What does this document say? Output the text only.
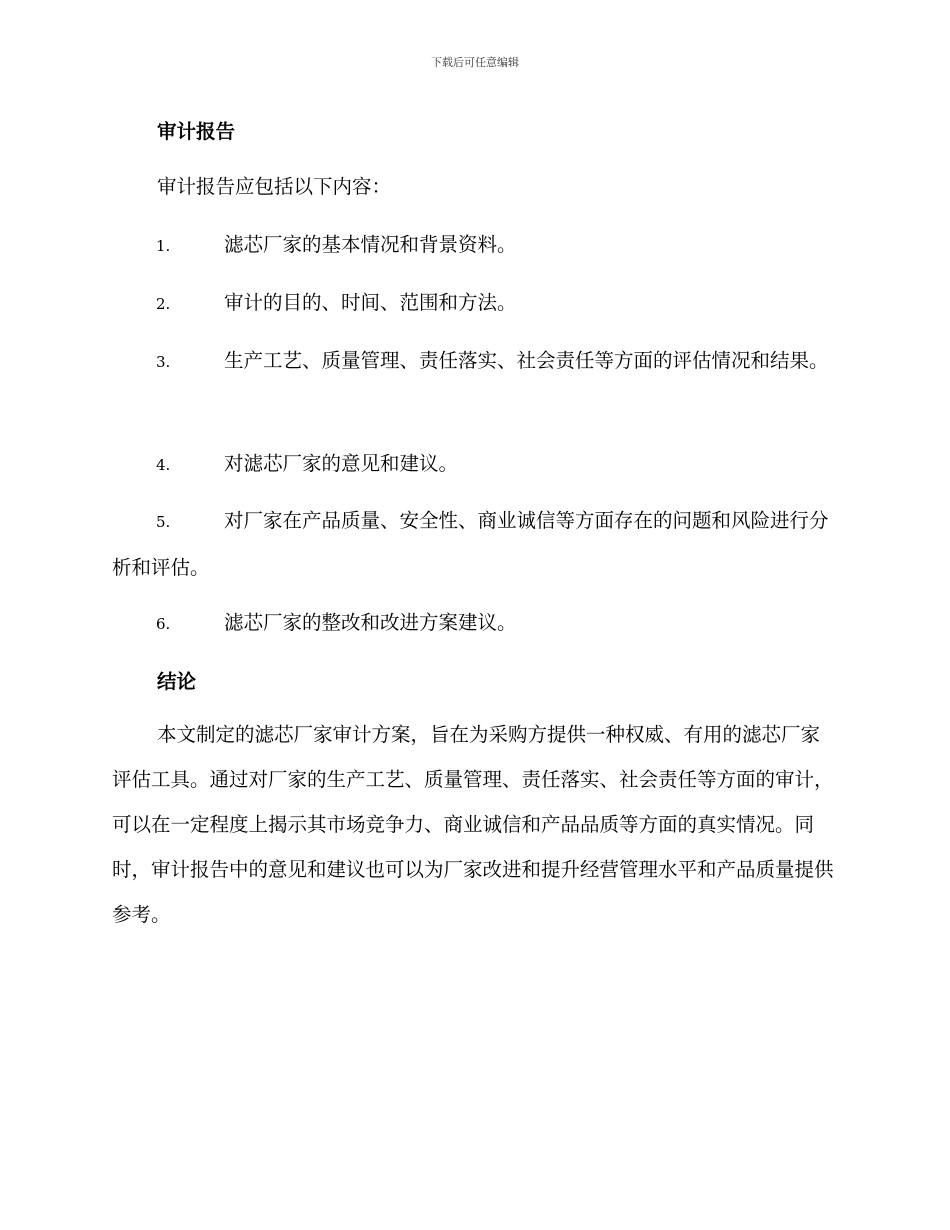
下载后可任意编辑
审计报告
审计报告应包括以下内容：
1.	滤芯厂家的基本情况和背景资料。
2.	审计的目的、时间、范围和方法。
3.	生产工艺、质量管理、责任落实、社会责任等方面的评估情况和结果。
4.	对滤芯厂家的意见和建议。
5.	对厂家在产品质量、安全性、商业诚信等方面存在的问题和风险进行分析和评估。
6.	滤芯厂家的整改和改进方案建议。
结论
本文制定的滤芯厂家审计方案，旨在为采购方提供一种权威、有用的滤芯厂家评估工具。通过对厂家的生产工艺、质量管理、责任落实、社会责任等方面的审计，可以在一定程度上揭示其市场竞争力、商业诚信和产品品质等方面的真实情况。同时，审计报告中的意见和建议也可以为厂家改进和提升经营管理水平和产品质量提供参考。
